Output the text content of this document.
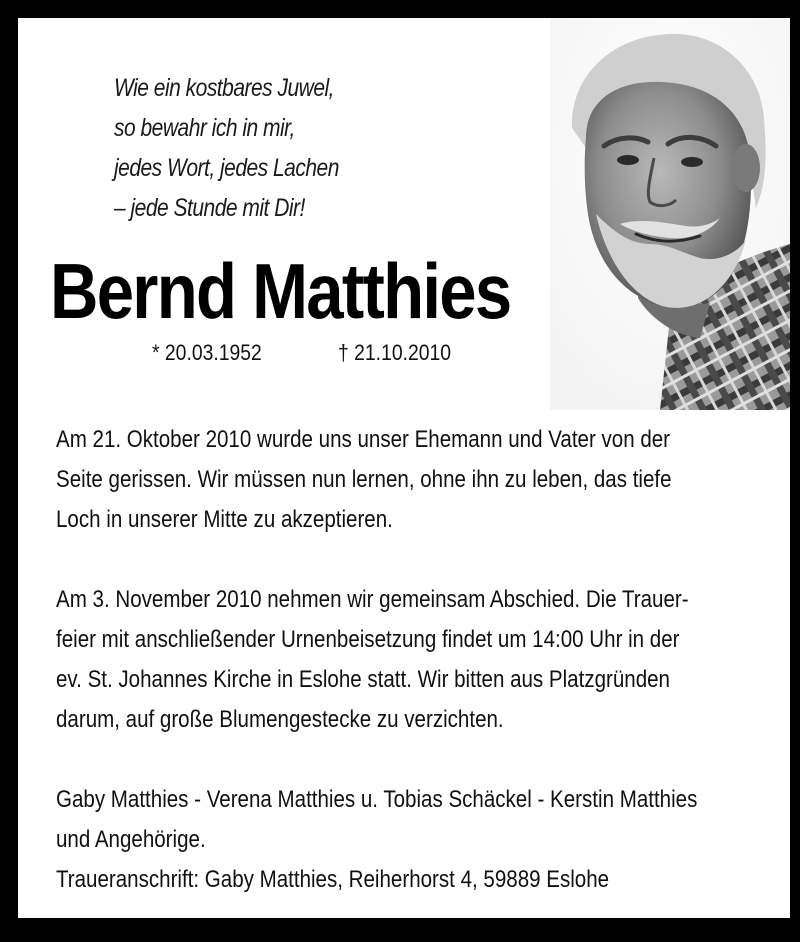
Wie ein kostbares Juwel,
so bewahr ich in mir,
jedes Wort, jedes Lachen
– jede Stunde mit Dir!
Bernd Matthies
* 20.03.1952	† 21.10.2010
Am 21. Oktober 2010 wurde uns unser Ehemann und Vater von der
Seite gerissen. Wir müssen nun lernen, ohne ihn zu leben, das tiefe
Loch in unserer Mitte zu akzeptieren.
Am 3. November 2010 nehmen wir gemeinsam Abschied. Die Trauer-
feier mit anschließender Urnenbeisetzung findet um 14:00 Uhr in der
ev. St. Johannes Kirche in Eslohe statt. Wir bitten aus Platzgründen
darum, auf große Blumengestecke zu verzichten.
Gaby Matthies - Verena Matthies u. Tobias Schäckel - Kerstin Matthies
und Angehörige.
Traueranschrift: Gaby Matthies, Reiherhorst 4, 59889 Eslohe
